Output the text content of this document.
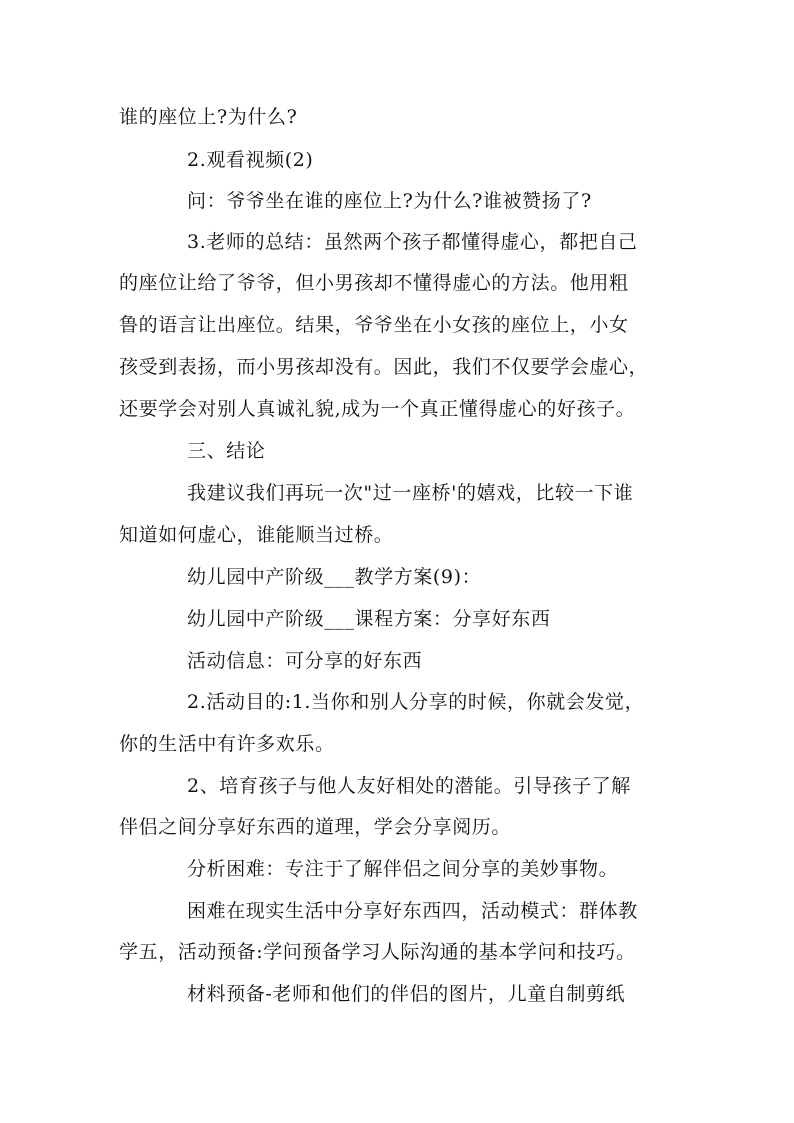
谁的座位上?为什么?
2.观看视频(2)
问：爷爷坐在谁的座位上?为什么?谁被赞扬了?
3.老师的总结：虽然两个孩子都懂得虚心，都把自己
的座位让给了爷爷，但小男孩却不懂得虚心的方法。他用粗
鲁的语言让出座位。结果，爷爷坐在小女孩的座位上，小女
孩受到表扬，而小男孩却没有。因此，我们不仅要学会虚心，
还要学会对别人真诚礼貌,成为一个真正懂得虚心的好孩子。
三、结论
我建议我们再玩一次"过一座桥'的嬉戏，比较一下谁
知道如何虚心，谁能顺当过桥。
幼儿园中产阶级___教学方案(9)：
幼儿园中产阶级___课程方案：分享好东西
活动信息：可分享的好东西
2.活动目的:1.当你和别人分享的时候，你就会发觉，
你的生活中有许多欢乐。
2、培育孩子与他人友好相处的潜能。引导孩子了解
伴侣之间分享好东西的道理，学会分享阅历。
分析困难：专注于了解伴侣之间分享的美妙事物。
困难在现实生活中分享好东西四，活动模式：群体教
学五，活动预备:学问预备学习人际沟通的基本学问和技巧。
材料预备-老师和他们的伴侣的图片，儿童自制剪纸
